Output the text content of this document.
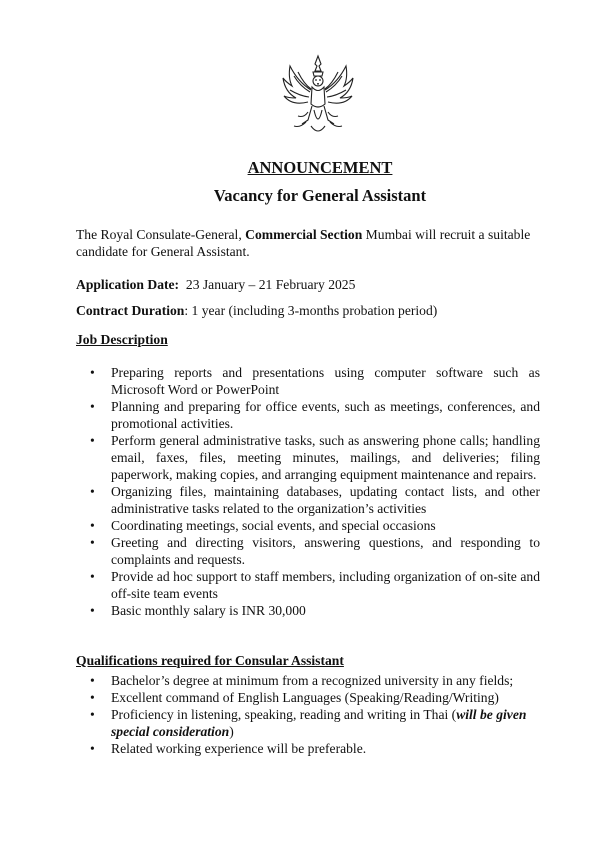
ANNOUNCEMENT
Vacancy for General Assistant
The Royal Consulate-General, Commercial Section Mumbai will recruit a suitable candidate for General Assistant.
Application Date: 23 January – 21 February 2025
Contract Duration: 1 year (including 3-months probation period)
Job Description
•	Preparing reports and presentations using computer software such as Microsoft Word or PowerPoint
•	Planning and preparing for office events, such as meetings, conferences, and promotional activities.
•	Perform general administrative tasks, such as answering phone calls; handling email, faxes, files, meeting minutes, mailings, and deliveries; filing paperwork, making copies, and arranging equipment maintenance and repairs.
•	Organizing files, maintaining databases, updating contact lists, and other administrative tasks related to the organization’s activities
•	Coordinating meetings, social events, and special occasions
•	Greeting and directing visitors, answering questions, and responding to complaints and requests.
•	Provide ad hoc support to staff members, including organization of on-site and off-site team events
•	Basic monthly salary is INR 30,000
Qualifications required for Consular Assistant
•	Bachelor’s degree at minimum from a recognized university in any fields;
•	Excellent command of English Languages (Speaking/Reading/Writing)
•	Proficiency in listening, speaking, reading and writing in Thai (will be given special consideration)
•	Related working experience will be preferable.
